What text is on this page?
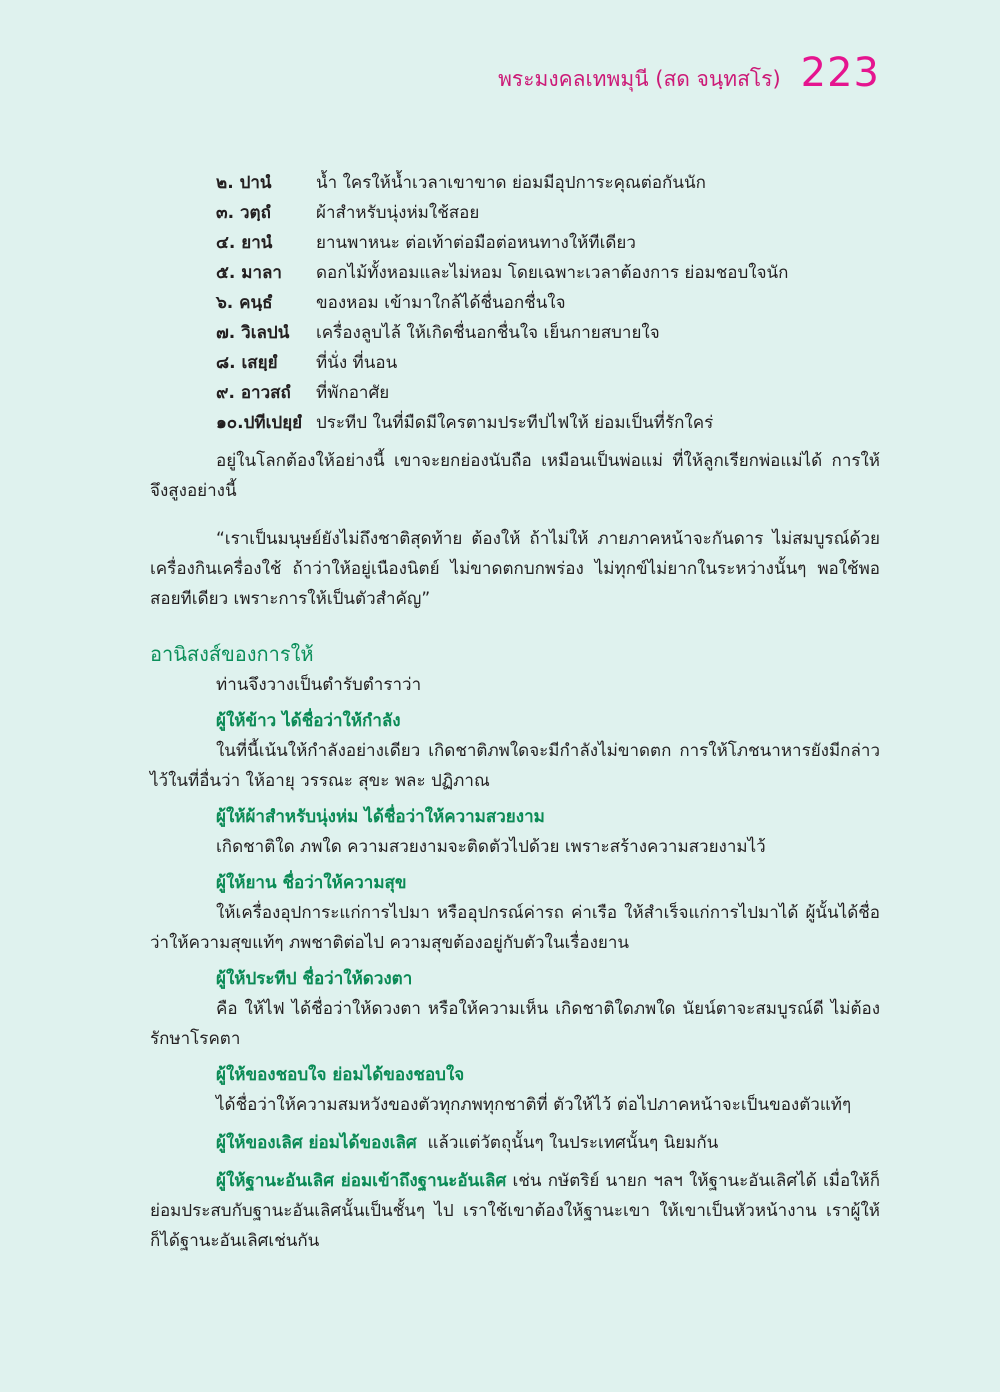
พระมงคลเทพมุนี (สด จนฺทสโร) 223
๒. ปานํ	น้ำ ใครให้น้ำเวลาเขาขาด ย่อมมีอุปการะคุณต่อกันนัก
๓. วตฺถํ	ผ้าสำหรับนุ่งห่มใช้สอย
๔. ยานํ	ยานพาหนะ ต่อเท้าต่อมือต่อหนทางให้ทีเดียว
๕. มาลา	ดอกไม้ทั้งหอมและไม่หอม โดยเฉพาะเวลาต้องการ ย่อมชอบใจนัก
๖. คนฺธํ	ของหอม เข้ามาใกล้ได้ชื่นอกชื่นใจ
๗. วิเลปนํ	เครื่องลูบไล้ ให้เกิดชื่นอกชื่นใจ เย็นกายสบายใจ
๘. เสยฺยํ	ที่นั่ง ที่นอน
๙. อาวสถํ	ที่พักอาศัย
๑๐.ปทีเปยฺยํ ประทีป ในที่มืดมีใครตามประทีปไฟให้ ย่อมเป็นที่รักใคร่

อยู่ในโลกต้องให้อย่างนี้ เขาจะยกย่องนับถือ เหมือนเป็นพ่อแม่ ที่ให้ลูกเรียกพ่อแม่ได้ การให้ จึงสูงอย่างนี้

“เราเป็นมนุษย์ยังไม่ถึงชาติสุดท้าย ต้องให้ ถ้าไม่ให้ ภายภาคหน้าจะกันดาร ไม่สมบูรณ์ด้วยเครื่องกินเครื่องใช้ ถ้าว่าให้อยู่เนืองนิตย์ ไม่ขาดตกบกพร่อง ไม่ทุกข์ไม่ยากในระหว่างนั้นๆ พอใช้พอสอยทีเดียว เพราะการให้เป็นตัวสำคัญ”

อานิสงส์ของการให้

ท่านจึงวางเป็นตำรับตำราว่า

ผู้ให้ข้าว ได้ชื่อว่าให้กำลัง

ในที่นี้เน้นให้กำลังอย่างเดียว เกิดชาติภพใดจะมีกำลังไม่ขาดตก การให้โภชนาหารยังมีกล่าวไว้ในที่อื่นว่า ให้อายุ วรรณะ สุขะ พละ ปฏิภาณ

ผู้ให้ผ้าสำหรับนุ่งห่ม ได้ชื่อว่าให้ความสวยงาม

เกิดชาติใด ภพใด ความสวยงามจะติดตัวไปด้วย เพราะสร้างความสวยงามไว้

ผู้ให้ยาน ชื่อว่าให้ความสุข

ให้เครื่องอุปการะแก่การไปมา หรืออุปกรณ์ค่ารถ ค่าเรือ ให้สำเร็จแก่การไปมาได้ ผู้นั้นได้ชื่อว่าให้ความสุขแท้ๆ ภพชาติต่อไป ความสุขต้องอยู่กับตัวในเรื่องยาน

ผู้ให้ประทีป ชื่อว่าให้ดวงตา

คือ ให้ไฟ ได้ชื่อว่าให้ดวงตา หรือให้ความเห็น เกิดชาติใดภพใด นัยน์ตาจะสมบูรณ์ดี ไม่ต้องรักษาโรคตา

ผู้ให้ของชอบใจ ย่อมได้ของชอบใจ

ได้ชื่อว่าให้ความสมหวังของตัวทุกภพทุกชาติที่ ตัวให้ไว้ ต่อไปภาคหน้าจะเป็นของตัวแท้ๆ

ผู้ให้ของเลิศ ย่อมได้ของเลิศ แล้วแต่วัตถุนั้นๆ ในประเทศนั้นๆ นิยมกัน

ผู้ให้ฐานะอันเลิศ ย่อมเข้าถึงฐานะอันเลิศ เช่น กษัตริย์ นายก ฯลฯ ให้ฐานะอันเลิศได้ เมื่อให้ก็ย่อมประสบกับฐานะอันเลิศนั้นเป็นชั้นๆ ไป เราใช้เขาต้องให้ฐานะเขา ให้เขาเป็นหัวหน้างาน เราผู้ให้ ก็ได้ฐานะอันเลิศเช่นกัน
